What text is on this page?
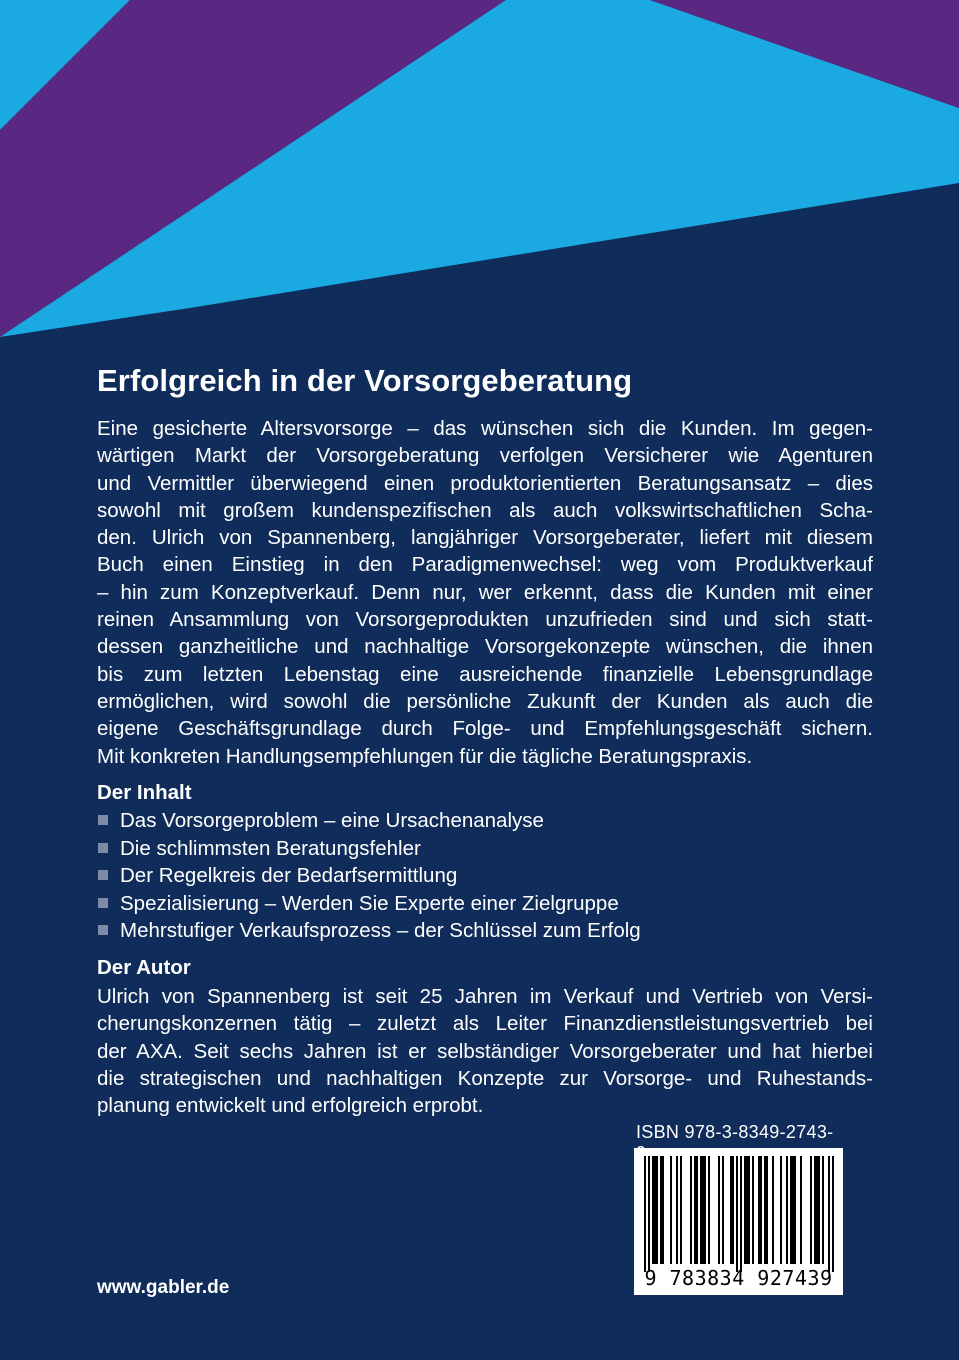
Erfolgreich in der Vorsorgeberatung
Eine gesicherte Altersvorsorge – das wünschen sich die Kunden. Im gegen-
wärtigen Markt der Vorsorgeberatung verfolgen Versicherer wie Agenturen
und Vermittler überwiegend einen produktorientierten Beratungsansatz – dies
sowohl mit großem kundenspezifischen als auch volkswirtschaftlichen Scha-
den. Ulrich von Spannenberg, langjähriger Vorsorgeberater, liefert mit diesem
Buch einen Einstieg in den Paradigmenwechsel: weg vom Produktverkauf
– hin zum Konzeptverkauf. Denn nur, wer erkennt, dass die Kunden mit einer
reinen Ansammlung von Vorsorgeprodukten unzufrieden sind und sich statt-
dessen ganzheitliche und nachhaltige Vorsorgekonzepte wünschen, die ihnen
bis zum letzten Lebenstag eine ausreichende finanzielle Lebensgrundlage
ermöglichen, wird sowohl die persönliche Zukunft der Kunden als auch die
eigene Geschäftsgrundlage durch Folge- und Empfehlungsgeschäft sichern.
Mit konkreten Handlungsempfehlungen für die tägliche Beratungspraxis.
Der Inhalt
Das Vorsorgeproblem – eine Ursachenanalyse
Die schlimmsten Beratungsfehler
Der Regelkreis der Bedarfsermittlung
Spezialisierung – Werden Sie Experte einer Zielgruppe
Mehrstufiger Verkaufsprozess – der Schlüssel zum Erfolg
Der Autor
Ulrich von Spannenberg ist seit 25 Jahren im Verkauf und Vertrieb von Versi-
cherungskonzernen tätig – zuletzt als Leiter Finanzdienstleistungsvertrieb bei
der AXA. Seit sechs Jahren ist er selbständiger Vorsorgeberater und hat hierbei
die strategischen und nachhaltigen Konzepte zur Vorsorge- und Ruhestands-
planung entwickelt und erfolgreich erprobt.
ISBN 978-3-8349-2743-
9 783834 927439
www.gabler.de
